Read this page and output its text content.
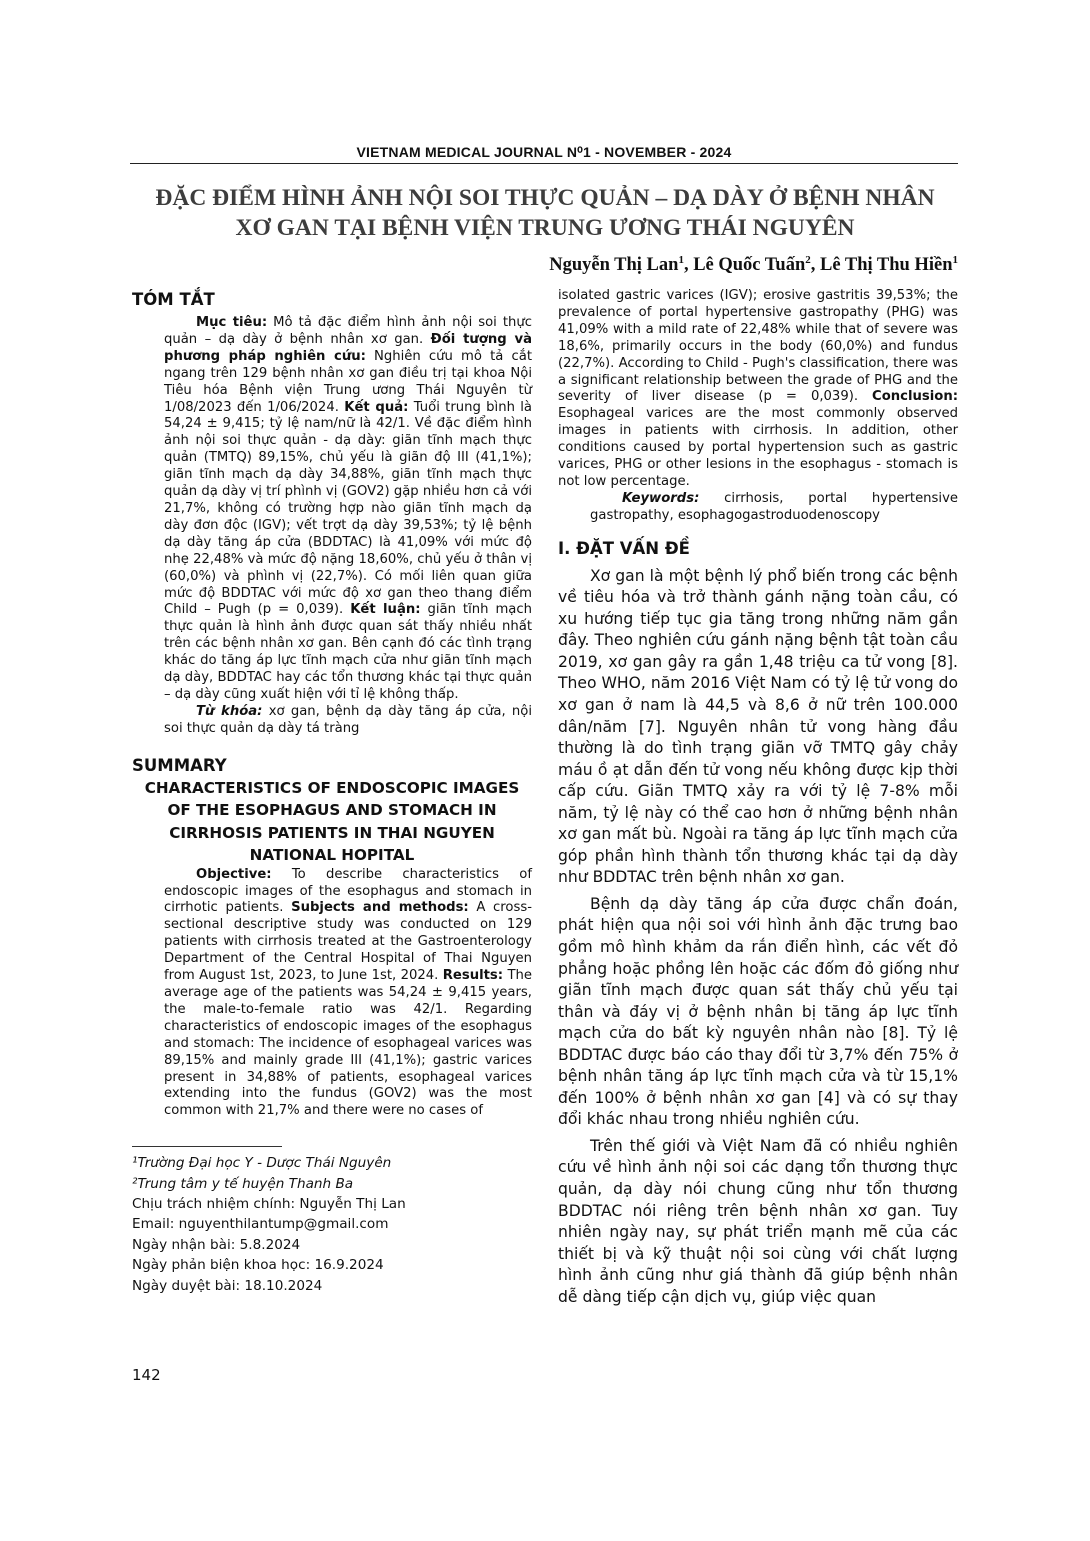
VIETNAM MEDICAL JOURNAL N⁰1 - NOVEMBER - 2024
ĐẶC ĐIỂM HÌNH ẢNH NỘI SOI THỰC QUẢN – DẠ DÀY Ở BỆNH NHÂN
XƠ GAN TẠI BỆNH VIỆN TRUNG ƯƠNG THÁI NGUYÊN
Nguyễn Thị Lan$^1$, Lê Quốc Tuấn$^2$, Lê Thị Thu Hiền$^1$
TÓM TẮT

Mục tiêu: Mô tả đặc điểm hình ảnh nội soi thực quản – dạ dày ở bệnh nhân xơ gan. Đối tượng và phương pháp nghiên cứu: Nghiên cứu mô tả cắt ngang trên 129 bệnh nhân xơ gan điều trị tại khoa Nội Tiêu hóa Bệnh viện Trung ương Thái Nguyên từ 1/08/2023 đến 1/06/2024. Kết quả: Tuổi trung bình là 54,24 ± 9,415; tỷ lệ nam/nữ là 42/1. Về đặc điểm hình ảnh nội soi thực quản - dạ dày: giãn tĩnh mạch thực quản (TMTQ) 89,15%, chủ yếu là giãn độ III (41,1%); giãn tĩnh mạch dạ dày 34,88%, giãn tĩnh mạch thực quản dạ dày vị trí phình vị (GOV2) gặp nhiều hơn cả với 21,7%, không có trường hợp nào giãn tĩnh mạch dạ dày đơn độc (IGV); vết trợt dạ dày 39,53%; tỷ lệ bệnh dạ dày tăng áp cửa (BDDTAC) là 41,09% với mức độ nhẹ 22,48% và mức độ nặng 18,60%, chủ yếu ở thân vị (60,0%) và phình vị (22,7%). Có mối liên quan giữa mức độ BDDTAC với mức độ xơ gan theo thang điểm Child – Pugh (p = 0,039). Kết luận: giãn tĩnh mạch thực quản là hình ảnh được quan sát thấy nhiều nhất trên các bệnh nhân xơ gan. Bên cạnh đó các tình trạng khác do tăng áp lực tĩnh mạch cửa như giãn tĩnh mạch dạ dày, BDDTAC hay các tổn thương khác tại thực quản – dạ dày cũng xuất hiện với tỉ lệ không thấp.

Từ khóa: xơ gan, bệnh dạ dày tăng áp cửa, nội soi thực quản dạ dày tá tràng

SUMMARY
CHARACTERISTICS OF ENDOSCOPIC IMAGES OF THE ESOPHAGUS AND STOMACH IN CIRRHOSIS PATIENTS IN THAI NGUYEN NATIONAL HOPITAL

Objective: To describe characteristics of endoscopic images of the esophagus and stomach in cirrhotic patients. Subjects and methods: A cross-sectional descriptive study was conducted on 129 patients with cirrhosis treated at the Gastroenterology Department of the Central Hospital of Thai Nguyen from August 1st, 2023, to June 1st, 2024. Results: The average age of the patients was 54,24 ± 9,415 years, the male-to-female ratio was 42/1. Regarding characteristics of endoscopic images of the esophagus and stomach: The incidence of esophageal varices was 89,15% and mainly grade III (41,1%); gastric varices present in 34,88% of patients, esophageal varices extending into the fundus (GOV2) was the most common with 21,7% and there were no cases of

¹Trường Đại học Y - Dược Thái Nguyên
²Trung tâm y tế huyện Thanh Ba
Chịu trách nhiệm chính: Nguyễn Thị Lan
Email: nguyenthilantump@gmail.com
Ngày nhận bài: 5.8.2024
Ngày phản biện khoa học: 16.9.2024
Ngày duyệt bài: 18.10.2024

isolated gastric varices (IGV); erosive gastritis 39,53%; the prevalence of portal hypertensive gastropathy (PHG) was 41,09% with a mild rate of 22,48% while that of severe was 18,6%, primarily occurs in the body (60,0%) and fundus (22,7%). According to Child - Pugh's classification, there was a significant relationship between the grade of PHG and the severity of liver disease (p = 0,039). Conclusion: Esophageal varices are the most commonly observed images in patients with cirrhosis. In addition, other conditions caused by portal hypertension such as gastric varices, PHG or other lesions in the esophagus - stomach is not low percentage.

Keywords: cirrhosis, portal hypertensive gastropathy, esophagogastroduodenoscopy

I. ĐẶT VẤN ĐỀ

Xơ gan là một bệnh lý phổ biến trong các bệnh về tiêu hóa và trở thành gánh nặng toàn cầu, có xu hướng tiếp tục gia tăng trong những năm gần đây. Theo nghiên cứu gánh nặng bệnh tật toàn cầu 2019, xơ gan gây ra gần 1,48 triệu ca tử vong [8]. Theo WHO, năm 2016 Việt Nam có tỷ lệ tử vong do xơ gan ở nam là 44,5 và 8,6 ở nữ trên 100.000 dân/năm [7]. Nguyên nhân tử vong hàng đầu thường là do tình trạng giãn vỡ TMTQ gây chảy máu ồ ạt dẫn đến tử vong nếu không được kịp thời cấp cứu. Giãn TMTQ xảy ra với tỷ lệ 7-8% mỗi năm, tỷ lệ này có thể cao hơn ở những bệnh nhân xơ gan mất bù. Ngoài ra tăng áp lực tĩnh mạch cửa góp phần hình thành tổn thương khác tại dạ dày như BDDTAC trên bệnh nhân xơ gan.

Bệnh dạ dày tăng áp cửa được chẩn đoán, phát hiện qua nội soi với hình ảnh đặc trưng bao gồm mô hình khảm da rắn điển hình, các vết đỏ phẳng hoặc phồng lên hoặc các đốm đỏ giống như giãn tĩnh mạch được quan sát thấy chủ yếu tại thân và đáy vị ở bệnh nhân bị tăng áp lực tĩnh mạch cửa do bất kỳ nguyên nhân nào [8]. Tỷ lệ BDDTAC được báo cáo thay đổi từ 3,7% đến 75% ở bệnh nhân tăng áp lực tĩnh mạch cửa và từ 15,1% đến 100% ở bệnh nhân xơ gan [4] và có sự thay đổi khác nhau trong nhiều nghiên cứu.

Trên thế giới và Việt Nam đã có nhiều nghiên cứu về hình ảnh nội soi các dạng tổn thương thực quản, dạ dày nói chung cũng như tổn thương BDDTAC nói riêng trên bệnh nhân xơ gan. Tuy nhiên ngày nay, sự phát triển mạnh mẽ của các thiết bị và kỹ thuật nội soi cùng với chất lượng hình ảnh cũng như giá thành đã giúp bệnh nhân dễ dàng tiếp cận dịch vụ, giúp việc quan

142
